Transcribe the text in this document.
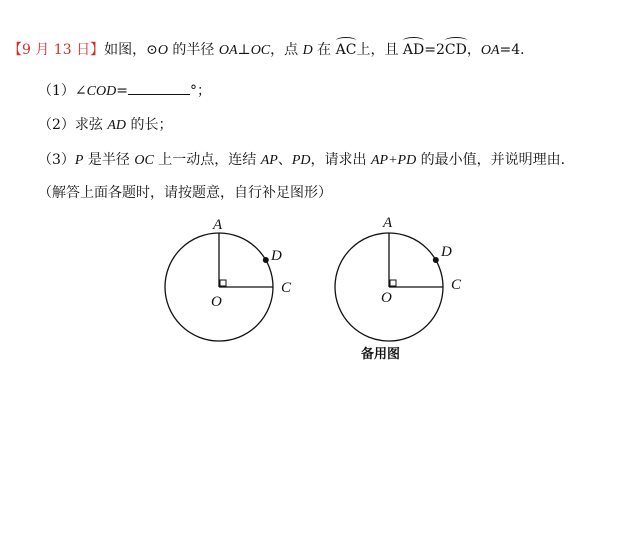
【9 月 13 日】如图，⊙O 的半径 OA⊥OC，点 D 在 AC上，且 AD=2CD，OA=4．
（1）∠COD=	°；
（2）求弦 AD 的长；
（3）P 是半径 OC 上一动点，连结 AP、PD，请求出 AP+PD 的最小值，并说明理由．
（解答上面各题时，请按题意，自行补足图形）
A
D
O
C
A
D
O
C
备用图
